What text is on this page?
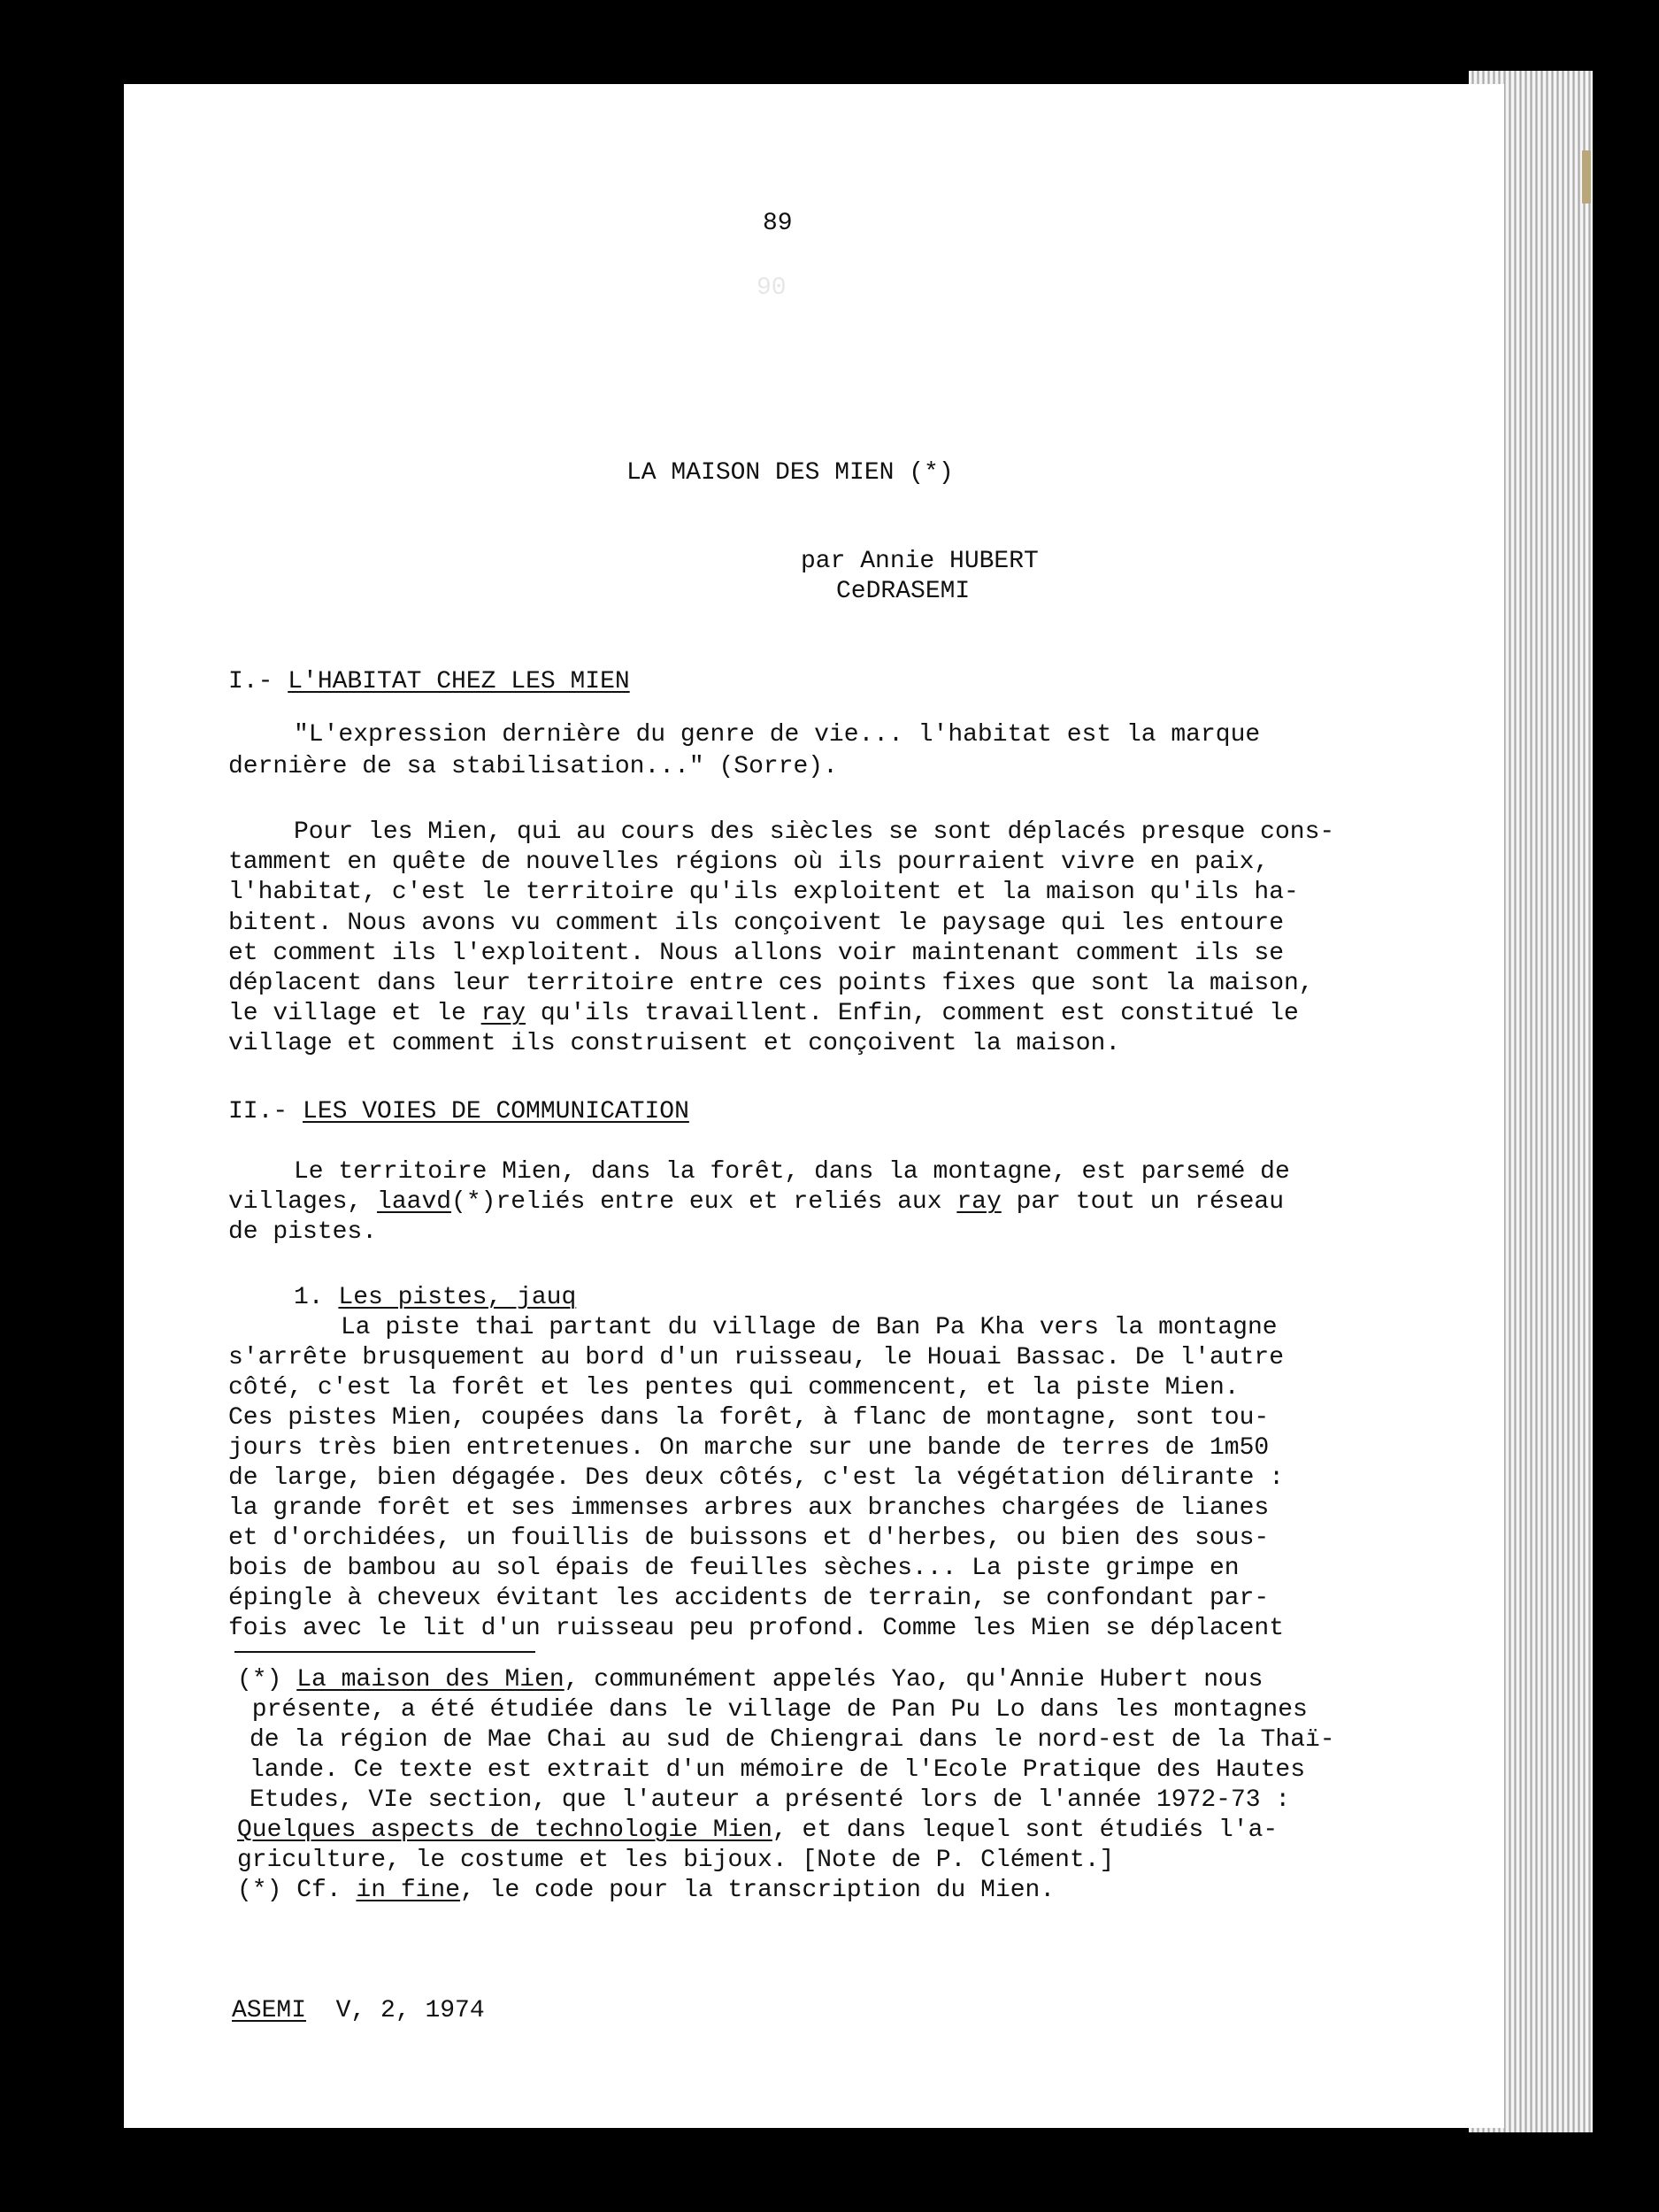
90
89
LA MAISON DES MIEN (*)
par Annie HUBERT
CeDRASEMI
I.- L'HABITAT CHEZ LES MIEN
"L'expression dernière du genre de vie... l'habitat est la marque
dernière de sa stabilisation..." (Sorre).
Pour les Mien, qui au cours des siècles se sont déplacés presque cons-
tamment en quête de nouvelles régions où ils pourraient vivre en paix,
l'habitat, c'est le territoire qu'ils exploitent et la maison qu'ils ha-
bitent. Nous avons vu comment ils conçoivent le paysage qui les entoure
et comment ils l'exploitent. Nous allons voir maintenant comment ils se
déplacent dans leur territoire entre ces points fixes que sont la maison,
le village et le ray qu'ils travaillent. Enfin, comment est constitué le
village et comment ils construisent et conçoivent la maison.
II.- LES VOIES DE COMMUNICATION
Le territoire Mien, dans la forêt, dans la montagne, est parsemé de
villages, laavd(*)reliés entre eux et reliés aux ray par tout un réseau
de pistes.
1. Les pistes, jauq
La piste thai partant du village de Ban Pa Kha vers la montagne
s'arrête brusquement au bord d'un ruisseau, le Houai Bassac. De l'autre
côté, c'est la forêt et les pentes qui commencent, et la piste Mien.
Ces pistes Mien, coupées dans la forêt, à flanc de montagne, sont tou-
jours très bien entretenues. On marche sur une bande de terres de 1m50
de large, bien dégagée. Des deux côtés, c'est la végétation délirante :
la grande forêt et ses immenses arbres aux branches chargées de lianes
et d'orchidées, un fouillis de buissons et d'herbes, ou bien des sous-
bois de bambou au sol épais de feuilles sèches... La piste grimpe en
épingle à cheveux évitant les accidents de terrain, se confondant par-
fois avec le lit d'un ruisseau peu profond. Comme les Mien se déplacent
(*) La maison des Mien, communément appelés Yao, qu'Annie Hubert nous
présente, a été étudiée dans le village de Pan Pu Lo dans les montagnes
de la région de Mae Chai au sud de Chiengrai dans le nord-est de la Thaï-
lande. Ce texte est extrait d'un mémoire de l'Ecole Pratique des Hautes
Etudes, VIe section, que l'auteur a présenté lors de l'année 1972-73 :
Quelques aspects de technologie Mien, et dans lequel sont étudiés l'a-
griculture, le costume et les bijoux. [Note de P. Clément.]
(*) Cf. in fine, le code pour la transcription du Mien.
ASEMI V, 2, 1974
